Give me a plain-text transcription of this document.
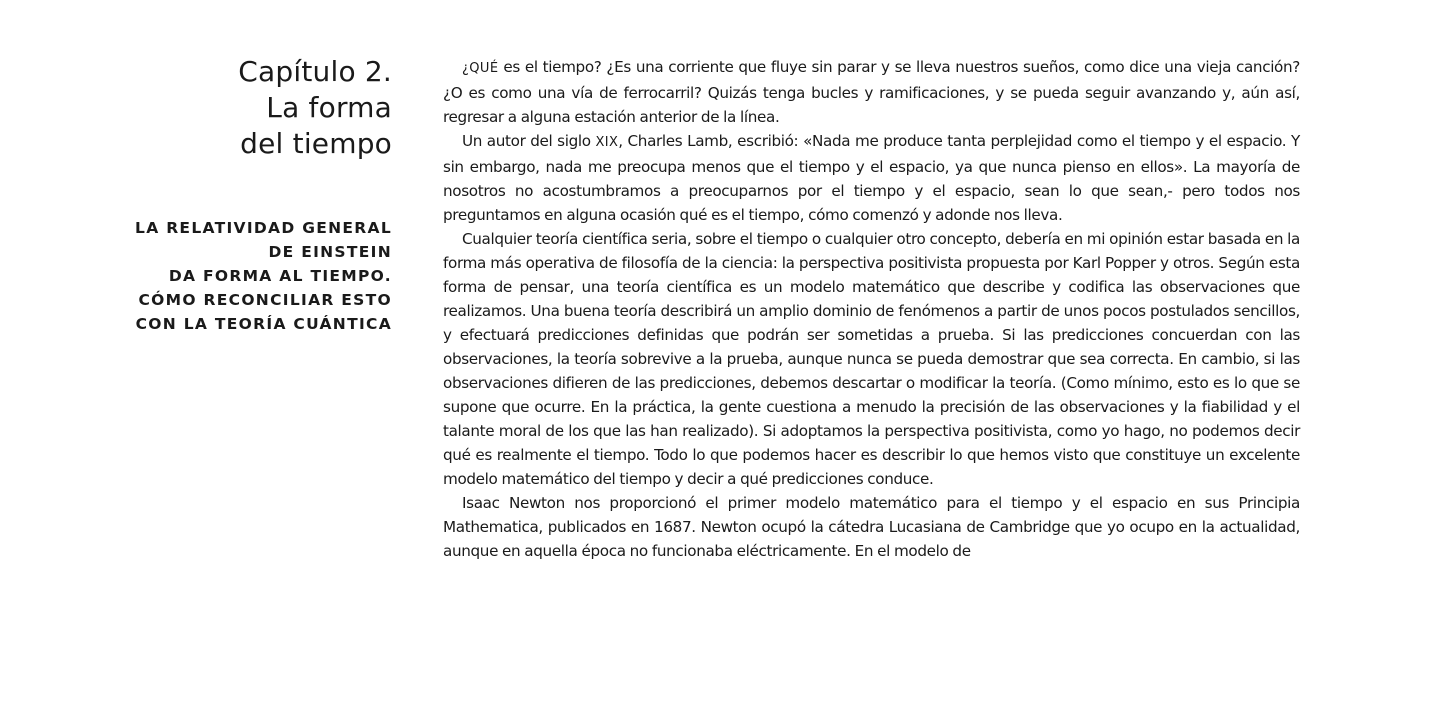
Capítulo 2.
La forma
del tiempo
LA RELATIVIDAD GENERAL
DE EINSTEIN
DA FORMA AL TIEMPO.
CÓMO RECONCILIAR ESTO
CON LA TEORÍA CUÁNTICA

¿QUÉ es el tiempo? ¿Es una corriente que fluye sin parar y se lleva nuestros sueños, como dice una vieja canción? ¿O es como una vía de ferrocarril? Quizás tenga bucles y ramificaciones, y se pueda seguir avanzando y, aún así, regresar a alguna estación anterior de la línea.

Un autor del siglo XIX, Charles Lamb, escribió: «Nada me produce tanta perplejidad como el tiempo y el espacio. Y sin embargo, nada me preocupa menos que el tiempo y el espacio, ya que nunca pienso en ellos». La mayoría de nosotros no acostumbramos a preocuparnos por el tiempo y el espacio, sean lo que sean,- pero todos nos preguntamos en alguna ocasión qué es el tiempo, cómo comenzó y adonde nos lleva.

Cualquier teoría científica seria, sobre el tiempo o cualquier otro concepto, debería en mi opinión estar basada en la forma más operativa de filosofía de la ciencia: la perspectiva positivista propuesta por Karl Popper y otros. Según esta forma de pensar, una teoría científica es un modelo matemático que describe y codifica las observaciones que realizamos. Una buena teoría describirá un amplio dominio de fenómenos a partir de unos pocos postulados sencillos, y efectuará predicciones definidas que podrán ser sometidas a prueba. Si las predicciones concuerdan con las observaciones, la teoría sobrevive a la prueba, aunque nunca se pueda demostrar que sea correcta. En cambio, si las observaciones difieren de las predicciones, debemos descartar o modificar la teoría. (Como mínimo, esto es lo que se supone que ocurre. En la práctica, la gente cuestiona a menudo la precisión de las observaciones y la fiabilidad y el talante moral de los que las han realizado). Si adoptamos la perspectiva positivista, como yo hago, no podemos decir qué es realmente el tiempo. Todo lo que podemos hacer es describir lo que hemos visto que constituye un excelente modelo matemático del tiempo y decir a qué predicciones conduce.

Isaac Newton nos proporcionó el primer modelo matemático para el tiempo y el espacio en sus Principia Mathematica, publicados en 1687. Newton ocupó la cátedra Lucasiana de Cambridge que yo ocupo en la actualidad, aunque en aquella época no funcionaba eléctricamente. En el modelo de
